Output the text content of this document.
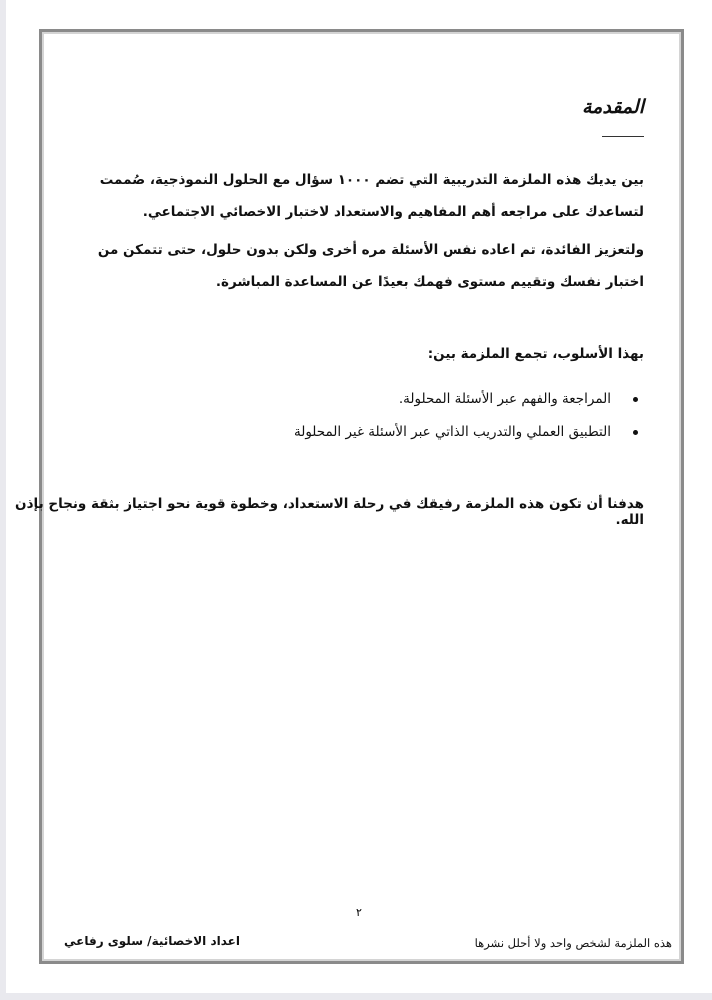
المقدمة
بين يديك هذه الملزمة التدريبية التي تضم ١٠٠٠ سؤال مع الحلول النموذجية، صُممت لتساعدك على مراجعه أهم المفاهيم والاستعداد لاختبار الاخصائي الاجتماعي.
ولتعزيز الفائدة، تم اعاده نفس الأسئلة مره أخرى ولكن بدون حلول، حتى تتمكن من اختبار نفسك وتقييم مستوى فهمك بعيدًا عن المساعدة المباشرة.
بهذا الأسلوب، تجمع الملزمة بين:
المراجعة والفهم عبر الأسئلة المحلولة.
التطبيق العملي والتدريب الذاتي عبر الأسئلة غير المحلولة
هدفنا أن تكون هذه الملزمة رفيقك في رحلة الاستعداد، وخطوة قوية نحو اجتياز بثقة ونجاح بإذن الله.
٢
اعداد الاخصائية/ سلوى رفاعي	هذه الملزمة لشخص واحد ولا أحلل نشرها
